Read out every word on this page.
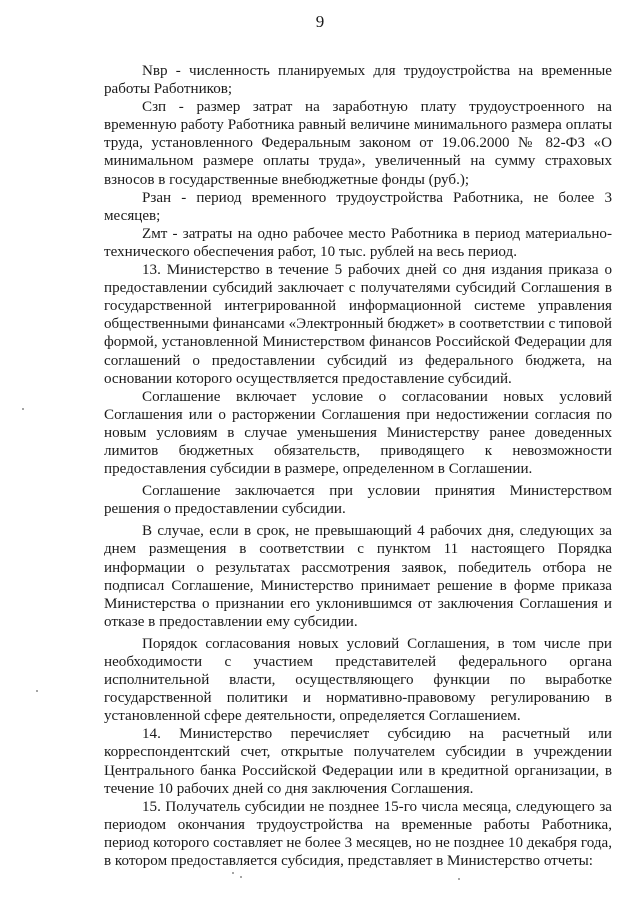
9

Nвр - численность планируемых для трудоустройства на временные работы Работников;

Сзп - размер затрат на заработную плату трудоустроенного на временную работу Работника равный величине минимального размера оплаты труда, установленного Федеральным законом от 19.06.2000 № 82-ФЗ «О минимальном размере оплаты труда», увеличенный на сумму страховых взносов в государственные внебюджетные фонды (руб.);

Рзан - период временного трудоустройства Работника, не более 3 месяцев;

Zмт - затраты на одно рабочее место Работника в период материально-технического обеспечения работ, 10 тыс. рублей на весь период.

13. Министерство в течение 5 рабочих дней со дня издания приказа о предоставлении субсидий заключает с получателями субсидий Соглашения в государственной интегрированной информационной системе управления общественными финансами «Электронный бюджет» в соответствии с типовой формой, установленной Министерством финансов Российской Федерации для соглашений о предоставлении субсидий из федерального бюджета, на основании которого осуществляется предоставление субсидий.

Соглашение включает условие о согласовании новых условий Соглашения или о расторжении Соглашения при недостижении согласия по новым условиям в случае уменьшения Министерству ранее доведенных лимитов бюджетных обязательств, приводящего к невозможности предоставления субсидии в размере, определенном в Соглашении.

Соглашение заключается при условии принятия Министерством решения о предоставлении субсидии.

В случае, если в срок, не превышающий 4 рабочих дня, следующих за днем размещения в соответствии с пунктом 11 настоящего Порядка информации о результатах рассмотрения заявок, победитель отбора не подписал Соглашение, Министерство принимает решение в форме приказа Министерства о признании его уклонившимся от заключения Соглашения и отказе в предоставлении ему субсидии.

Порядок согласования новых условий Соглашения, в том числе при необходимости с участием представителей федерального органа исполнительной власти, осуществляющего функции по выработке государственной политики и нормативно-правовому регулированию в установленной сфере деятельности, определяется Соглашением.

14. Министерство перечисляет субсидию на расчетный или корреспондентский счет, открытые получателем субсидии в учреждении Центрального банка Российской Федерации или в кредитной организации, в течение 10 рабочих дней со дня заключения Соглашения.

15. Получатель субсидии не позднее 15-го числа месяца, следующего за периодом окончания трудоустройства на временные работы Работника, период которого составляет не более 3 месяцев, но не позднее 10 декабря года, в котором предоставляется субсидия, представляет в Министерство отчеты:
